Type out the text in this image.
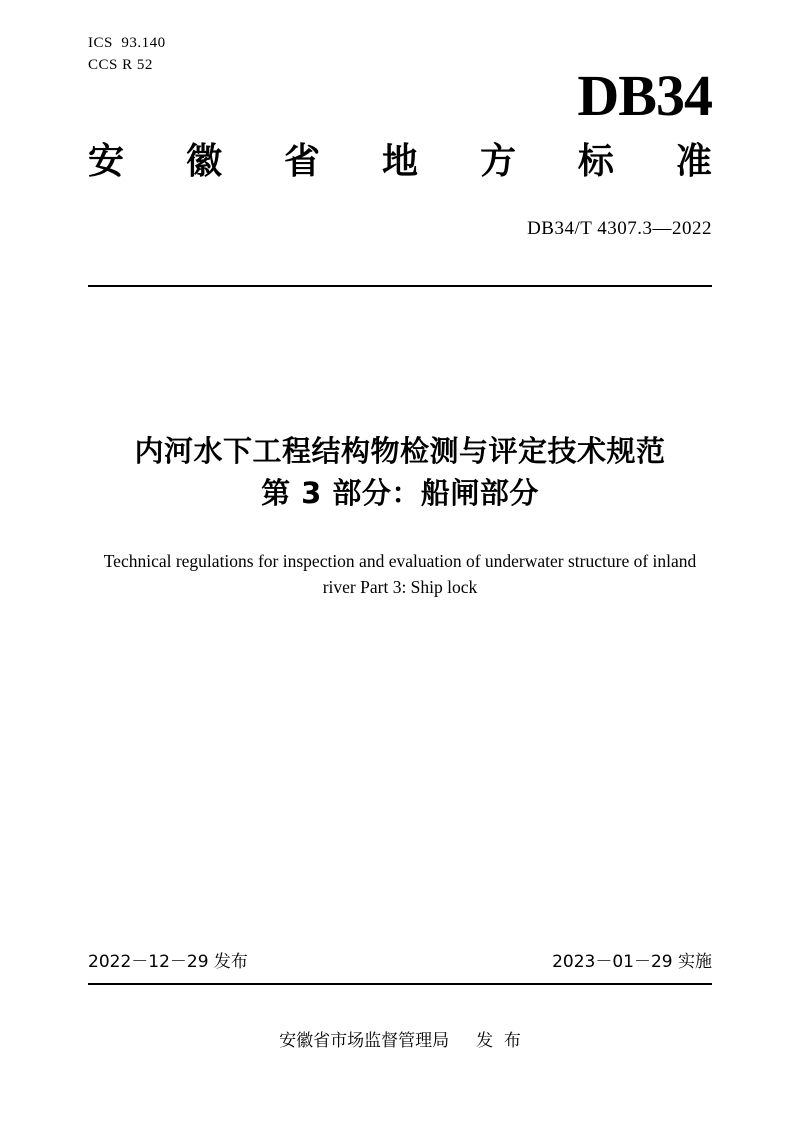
ICS  93.140
CCS R 52	DB34
安 徽 省 地 方 标 准
DB34/T 4307.3—2022
内河水下工程结构物检测与评定技术规范
第 3 部分：船闸部分
Technical regulations for inspection and evaluation of underwater structure of inland river Part 3: Ship lock
2022－12－29 发布	2023－01－29 实施
安徽省市场监督管理局     发  布
